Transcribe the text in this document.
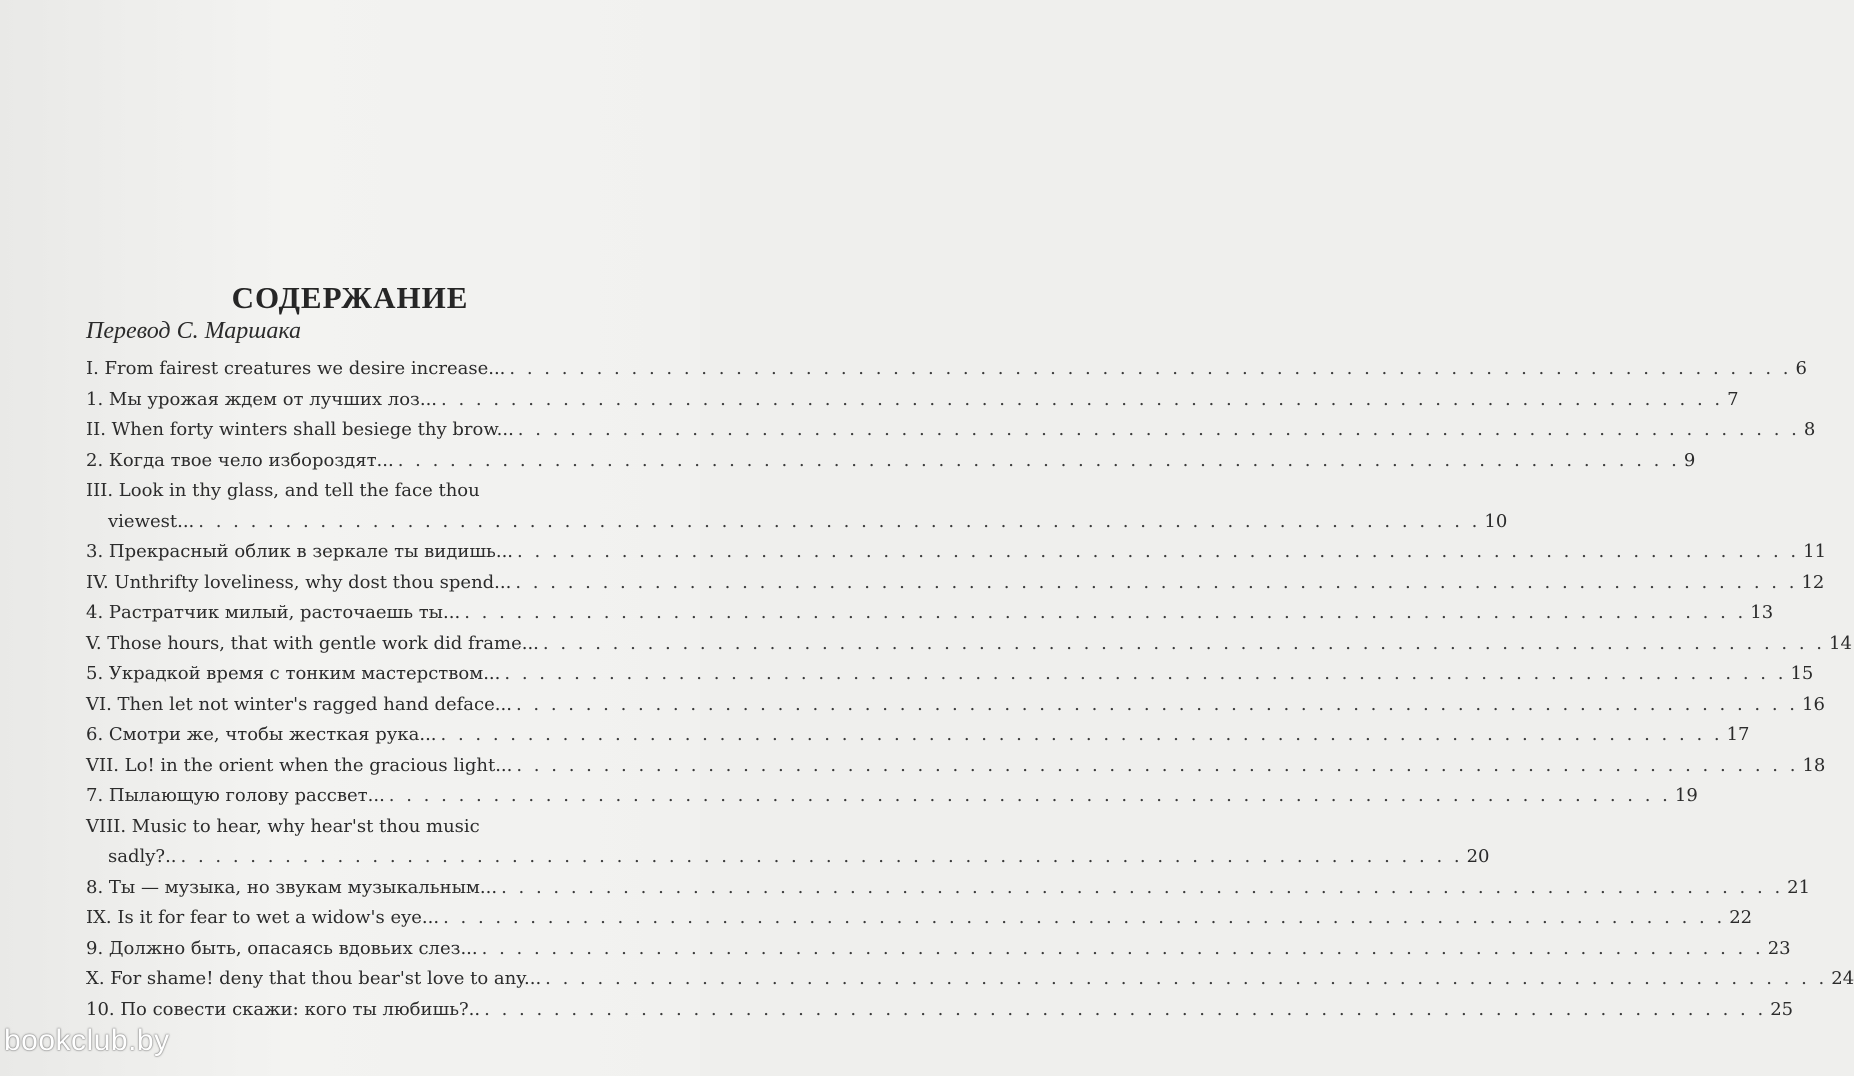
СОДЕРЖАНИЕ
Перевод С. Маршака
I. From fairest creatures we desire increase... . . .	6
1. Мы урожая ждем от лучших лоз... . . .	7
II. When forty winters shall besiege thy brow... . . .	8
2. Когда твое чело избороздят... . . .	9
III. Look in thy glass, and tell the face thou
viewest... . . .	10
3. Прекрасный облик в зеркале ты видишь... . . .	11
IV. Unthrifty loveliness, why dost thou spend... . . .	12
4. Растратчик милый, расточаешь ты... . . .	13
V. Those hours, that with gentle work did frame... . . .	14
5. Украдкой время с тонким мастерством... . . .	15
VI. Then let not winter's ragged hand deface... . . .	16
6. Смотри же, чтобы жесткая рука... . . .	17
VII. Lo! in the orient when the gracious light... . . .	18
7. Пылающую голову рассвет... . . .	19
VIII. Music to hear, why hear'st thou music
sadly?.. . . .	20
8. Ты — музыка, но звукам музыкальным... . . .	21
IX. Is it for fear to wet a widow's eye... . . .	22
9. Должно быть, опасаясь вдовьих слез... . . .	23
X. For shame! deny that thou bear'st love to any... . . .	24
10. По совести скажи: кого ты любишь?.. . . .	25
bookclub.by
